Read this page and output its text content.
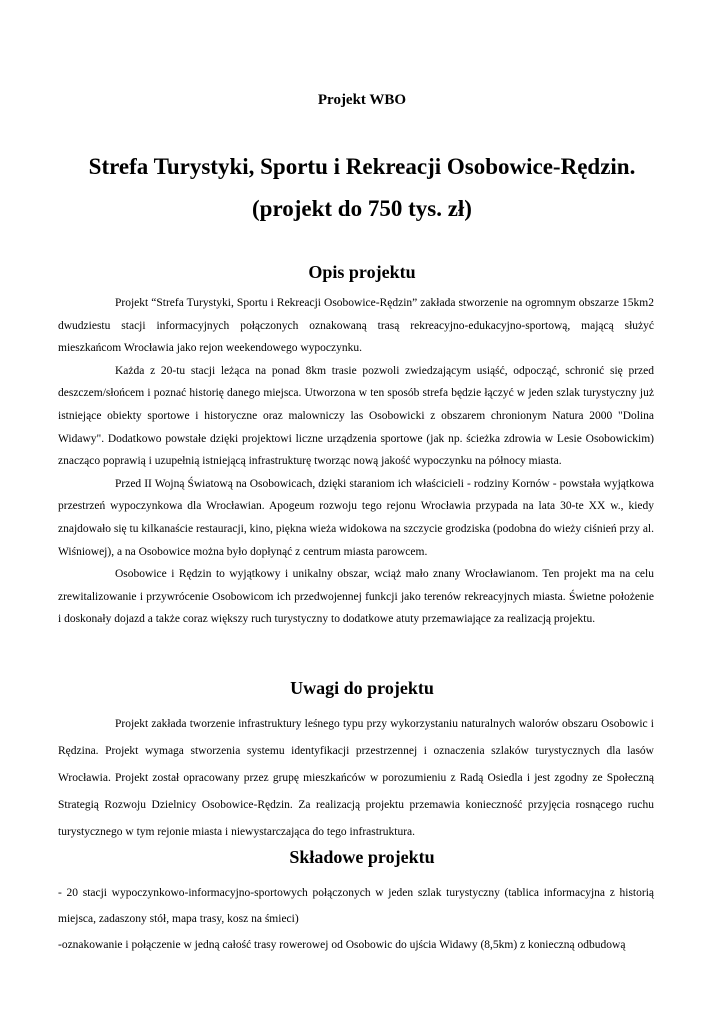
Projekt WBO
Strefa Turystyki, Sportu i Rekreacji Osobowice-Rędzin.
(projekt do 750 tys. zł)
Opis projektu

Projekt “Strefa Turystyki, Sportu i Rekreacji Osobowice-Rędzin” zakłada stworzenie na ogromnym obszarze 15km2 dwudziestu stacji informacyjnych połączonych oznakowaną trasą rekreacyjno-edukacyjno-sportową, mającą służyć mieszkańcom Wrocławia jako rejon weekendowego wypoczynku.

Każda z 20-tu stacji leżąca na ponad 8km trasie pozwoli zwiedzającym usiąść, odpocząć, schronić się przed deszczem/słońcem i poznać historię danego miejsca. Utworzona w ten sposób strefa będzie łączyć w jeden szlak turystyczny już istniejące obiekty sportowe i historyczne oraz malowniczy las Osobowicki z obszarem chronionym Natura 2000 "Dolina Widawy". Dodatkowo powstałe dzięki projektowi liczne urządzenia sportowe (jak np. ścieżka zdrowia w Lesie Osobowickim) znacząco poprawią i uzupełnią istniejącą infrastrukturę tworząc nową jakość wypoczynku na północy miasta.

Przed II Wojną Światową na Osobowicach, dzięki staraniom ich właścicieli - rodziny Kornów - powstała wyjątkowa przestrzeń wypoczynkowa dla Wrocławian. Apogeum rozwoju tego rejonu Wrocławia przypada na lata 30-te XX w., kiedy znajdowało się tu kilkanaście restauracji, kino, piękna wieża widokowa na szczycie grodziska (podobna do wieży ciśnień przy al. Wiśniowej), a na Osobowice można było dopłynąć z centrum miasta parowcem.

Osobowice i Rędzin to wyjątkowy i unikalny obszar, wciąż mało znany Wrocławianom. Ten projekt ma na celu zrewitalizowanie i przywrócenie Osobowicom ich przedwojennej funkcji jako terenów rekreacyjnych miasta. Świetne położenie i doskonały dojazd a także coraz większy ruch turystyczny to dodatkowe atuty przemawiające za realizacją projektu.

Uwagi do projektu

Projekt zakłada tworzenie infrastruktury leśnego typu przy wykorzystaniu naturalnych walorów obszaru Osobowic i Rędzina. Projekt wymaga stworzenia systemu identyfikacji przestrzennej i oznaczenia szlaków turystycznych dla lasów Wrocławia. Projekt został opracowany przez grupę mieszkańców w porozumieniu z Radą Osiedla i jest zgodny ze Społeczną Strategią Rozwoju Dzielnicy Osobowice-Rędzin. Za realizacją projektu przemawia konieczność przyjęcia rosnącego ruchu turystycznego w tym rejonie miasta i niewystarczająca do tego infrastruktura.

Składowe projektu

- 20 stacji wypoczynkowo-informacyjno-sportowych połączonych w jeden szlak turystyczny (tablica informacyjna z historią miejsca, zadaszony stół, mapa trasy, kosz na śmieci)

-oznakowanie i połączenie w jedną całość trasy rowerowej od Osobowic do ujścia Widawy (8,5km) z konieczną odbudową
